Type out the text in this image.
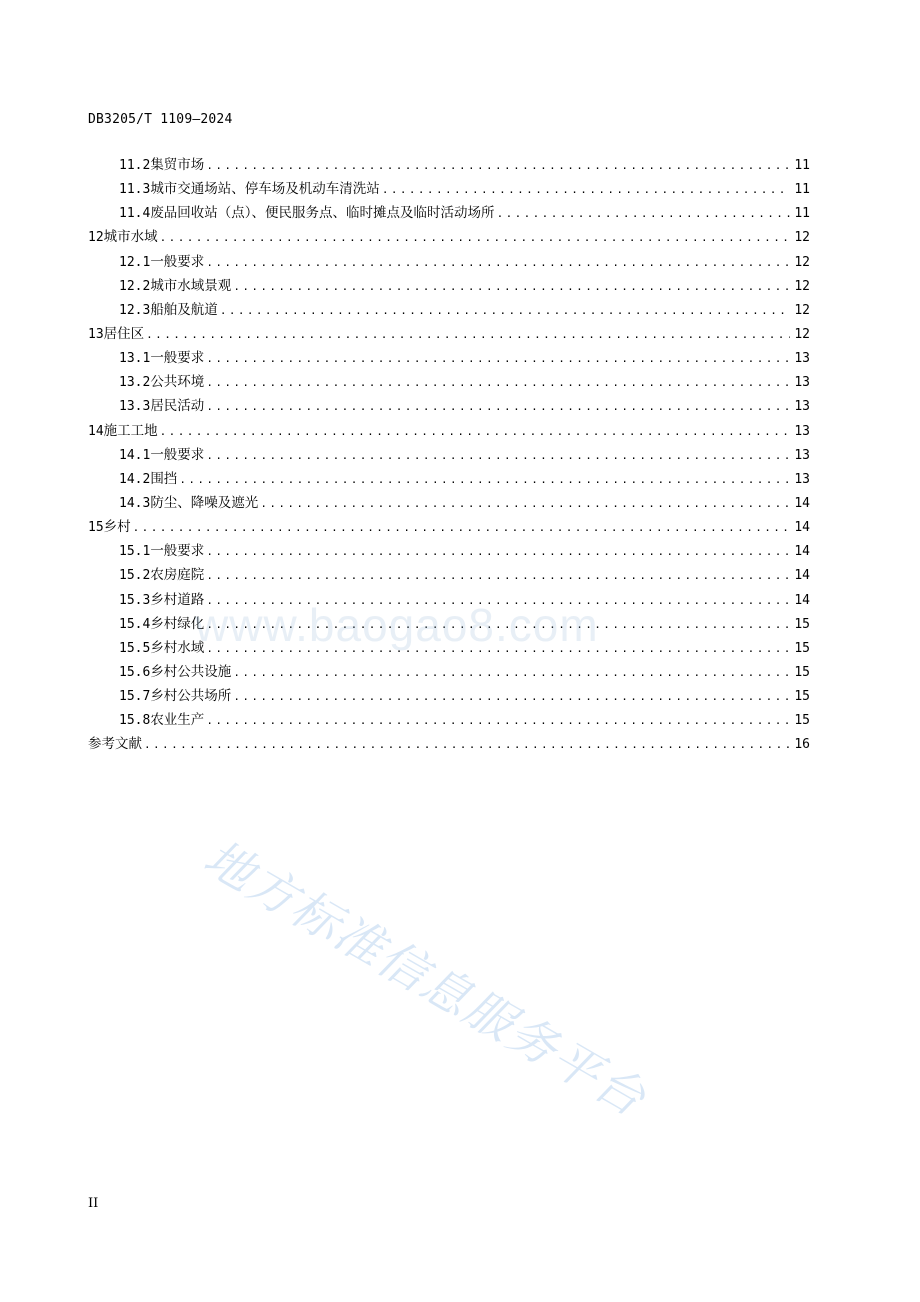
DB3205/T 1109—2024
11.2 集贸市场 .....	11
11.3 城市交通场站、停车场及机动车清洗站 .....	11
11.4 废品回收站（点）、便民服务点、临时摊点及临时活动场所 .....	11
12 城市水域 .....	12
12.1 一般要求 .....	12
12.2 城市水域景观 .....	12
12.3 船舶及航道 .....	12
13 居住区 .....	12
13.1 一般要求 .....	13
13.2 公共环境 .....	13
13.3 居民活动 .....	13
14 施工工地 .....	13
14.1 一般要求 .....	13
14.2 围挡 .....	13
14.3 防尘、降噪及遮光 .....	14
15 乡村 .....	14
15.1 一般要求 .....	14
15.2 农房庭院 .....	14
15.3 乡村道路 .....	14
15.4 乡村绿化 .....	15
15.5 乡村水域 .....	15
15.6 乡村公共设施 .....	15
15.7 乡村公共场所 .....	15
15.8 农业生产 .....	15
参考文献 .....	16
www.baogao8.com
地方标准信息服务平台
II
